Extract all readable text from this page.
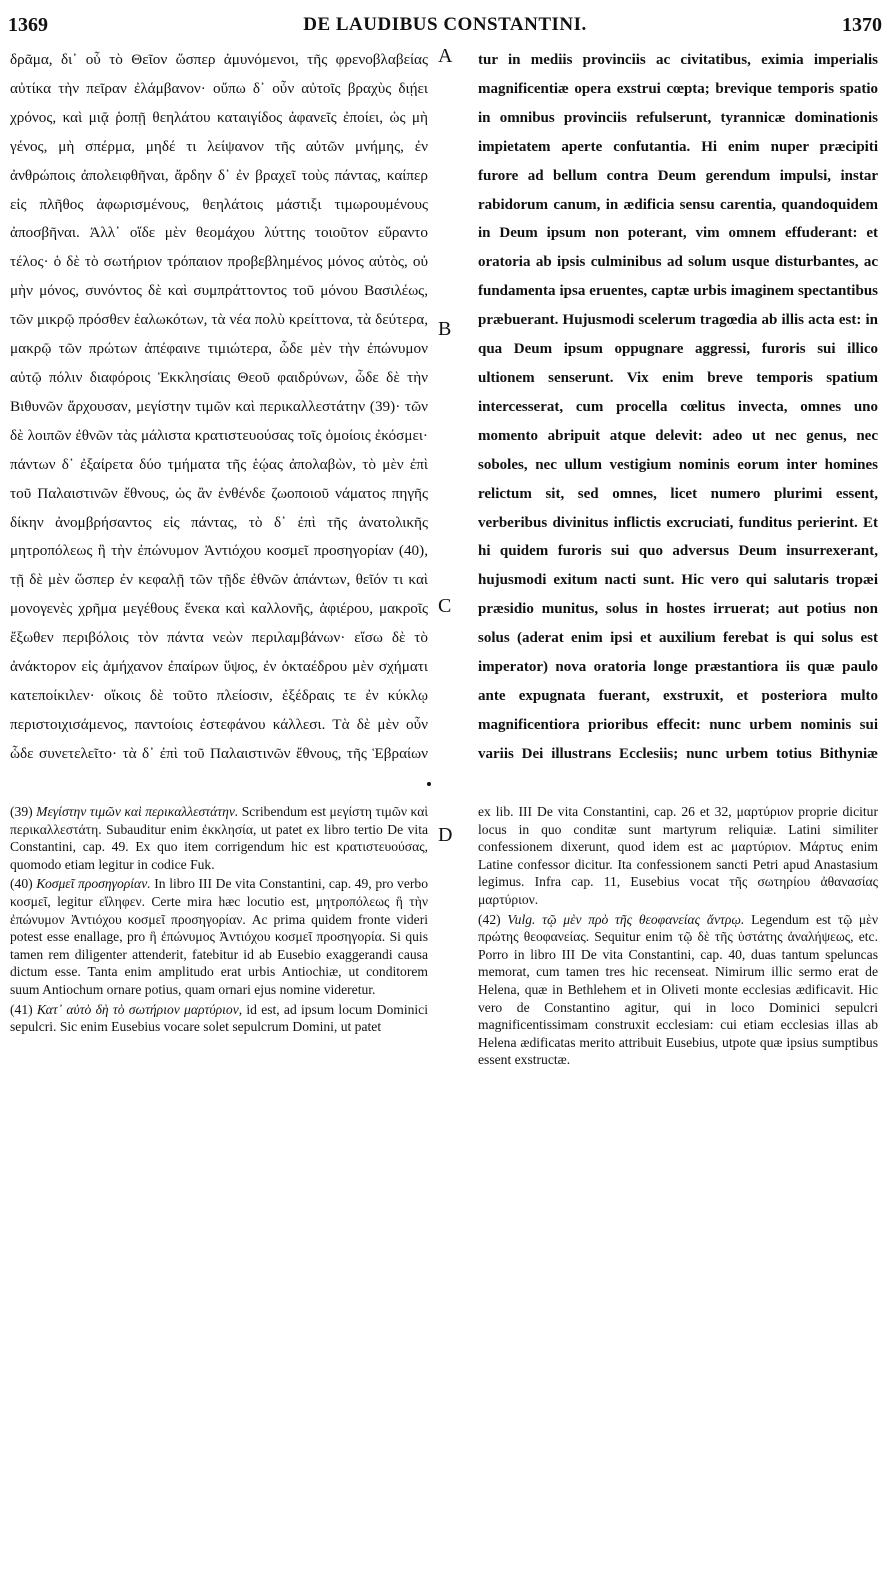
1369	DE LAUDIBUS CONSTANTINI.	1370

δρᾶμα, δι᾽ οὗ τὸ Θεῖον ὥσπερ ἀμυνόμενοι, τῆς φρενοβλαβείας αὐτίκα τὴν πεῖραν ἐλάμβανον· οὔπω δ᾽ οὖν αὐτοῖς βραχὺς διῄει χρόνος, καὶ μιᾷ ῥοπῇ θεηλάτου καταιγίδος ἀφανεῖς ἐποίει, ὡς μὴ γένος, μὴ σπέρμα, μηδέ τι λείψανον τῆς αὐτῶν μνήμης, ἐν ἀνθρώποις ἀπολειφθῆναι, ἄρδην δ᾽ ἐν βραχεῖ τοὺς πάντας, καίπερ εἰς πλῆθος ἀφωρισμένους, θεηλάτοις μάστιξι τιμωρουμένους ἀποσβῆναι. Ἀλλ᾽ οἵδε μὲν θεομάχου λύττης τοιοῦτον εὕραντο τέλος· ὁ δὲ τὸ σωτήριον τρόπαιον προβεβλημένος μόνος αὐτὸς, οὐ μὴν μόνος, συνόντος δὲ καὶ συμπράττοντος τοῦ μόνου Βασιλέως, τῶν μικρῷ πρόσθεν ἑαλωκότων, τὰ νέα πολὺ κρείττονα, τὰ δεύτερα, μακρῷ τῶν πρώτων ἀπέφαινε τιμιώτερα, ὧδε μὲν τὴν ἐπώνυμον αὐτῷ πόλιν διαφόροις Ἐκκλησίαις Θεοῦ φαιδρύνων, ὧδε δὲ τὴν Βιθυνῶν ἄρχουσαν, μεγίστην τιμῶν καὶ περικαλλεστάτην (39)· τῶν δὲ λοιπῶν ἐθνῶν τὰς μάλιστα κρατιστευούσας τοῖς ὁμοίοις ἐκόσμει· πάντων δ᾽ ἐξαίρετα δύο τμήματα τῆς ἑῴας ἀπολαβὼν, τὸ μὲν ἐπὶ τοῦ Παλαιστινῶν ἔθνους, ὡς ἂν ἐνθένδε ζωοποιοῦ νάματος πηγῆς δίκην ἀνομβρήσαντος εἰς πάντας, τὸ δ᾽ ἐπὶ τῆς ἀνατολικῆς μητροπόλεως ἣ τὴν ἐπώνυμον Ἀντιόχου κοσμεῖ προσηγορίαν (40), τῇ δὲ μὲν ὥσπερ ἐν κεφαλῇ τῶν τῇδε ἐθνῶν ἁπάντων, θεῖόν τι καὶ μονογενὲς χρῆμα μεγέθους ἕνεκα καὶ καλλονῆς, ἀφιέρου, μακροῖς ἔξωθεν περιβόλοις τὸν πάντα νεὼν περιλαμβάνων· εἴσω δὲ τὸ ἀνάκτορον εἰς ἀμήχανον ἐπαίρων ὕψος, ἐν ὀκταέδρου μὲν σχήματι κατεποίκιλεν· οἴκοις δὲ τοῦτο πλείοσιν, ἐξέδραις τε ἐν κύκλῳ περιστοιχισάμενος, παντοίοις ἐστεφάνου κάλλεσι. Τὰ δὲ μὲν οὖν ὧδε συνετελεῖτο· τὰ δ᾽ ἐπὶ τοῦ Παλαιστινῶν ἔθνους, τῆς Ἑβραίων

A
B
C
D

tur in mediis provinciis ac civitatibus, eximia imperialis magnificentiæ opera exstrui cœpta; brevique temporis spatio in omnibus provinciis refulserunt, tyrannicæ dominationis impietatem aperte confutantia. Hi enim nuper præcipiti furore ad bellum contra Deum gerendum impulsi, instar rabidorum canum, in ædificia sensu carentia, quandoquidem in Deum ipsum non poterant, vim omnem effuderant: et oratoria ab ipsis culminibus ad solum usque disturbantes, ac fundamenta ipsa eruentes, captæ urbis imaginem spectantibus præbuerant. Hujusmodi scelerum tragœdia ab illis acta est: in qua Deum ipsum oppugnare aggressi, furoris sui illico ultionem senserunt. Vix enim breve temporis spatium intercesserat, cum procella cœlitus invecta, omnes uno momento abripuit atque delevit: adeo ut nec genus, nec soboles, nec ullum vestigium nominis eorum inter homines relictum sit, sed omnes, licet numero plurimi essent, verberibus divinitus inflictis excruciati, funditus perierint. Et hi quidem furoris sui quo adversus Deum insurrexerant, hujusmodi exitum nacti sunt. Hic vero qui salutaris tropæi præsidio munitus, solus in hostes irruerat; aut potius non solus (aderat enim ipsi et auxilium ferebat is qui solus est imperator) nova oratoria longe præstantiora iis quæ paulo ante expugnata fuerant, exstruxit, et posteriora multo magnificentiora prioribus effecit: nunc urbem nominis sui variis Dei illustrans Ecclesiis; nunc urbem totius Bithyniæ

(39) Μεγίστην τιμῶν καὶ περικαλλεστάτην. Scribendum est μεγίστη τιμῶν καὶ περικαλλεστάτη. Subauditur enim ἐκκλησία, ut patet ex libro tertio De vita Constantini, cap. 49. Ex quo item corrigendum hic est κρατιστευούσας, quomodo etiam legitur in codice Fuk.

(40) Κοσμεῖ προσηγορίαν. In libro III De vita Constantini, cap. 49, pro verbo κοσμεῖ, legitur εἴληφεν. Certe mira hæc locutio est, μητροπόλεως ἣ τὴν ἐπώνυμον Ἀντιόχου κοσμεῖ προσηγορίαν. Ac prima quidem fronte videri potest esse enallage, pro ἣ ἐπώνυμος Ἀντιόχου κοσμεῖ προσηγορία. Si quis tamen rem diligenter attenderit, fatebitur id ab Eusebio exaggerandi causa dictum esse. Tanta enim amplitudo erat urbis Antiochiæ, ut conditorem suum Antiochum ornare potius, quam ornari ejus nomine videretur.

(41) Κατ᾽ αὐτὸ δὴ τὸ σωτήριον μαρτύριον, id est, ad ipsum locum Dominici sepulcri. Sic enim Eusebius vocare solet sepulcrum Domini, ut patet

ex lib. III De vita Constantini, cap. 26 et 32, μαρτύριον proprie dicitur locus in quo conditæ sunt martyrum reliquiæ. Latini similiter confessionem dixerunt, quod idem est ac μαρτύριον. Μάρτυς enim Latine confessor dicitur. Ita confessionem sancti Petri apud Anastasium legimus. Infra cap. 11, Eusebius vocat τῆς σωτηρίου ἀθανασίας μαρτύριον.

(42) Vulg. τῷ μὲν πρὸ τῆς θεοφανείας ἄντρῳ. Legendum est τῷ μὲν πρώτης θεοφανείας. Sequitur enim τῷ δὲ τῆς ὑστάτης ἀναλήψεως, etc. Porro in libro III De vita Constantini, cap. 40, duas tantum speluncas memorat, cum tamen tres hic recenseat. Nimirum illic sermo erat de Helena, quæ in Bethlehem et in Oliveti monte ecclesias ædificavit. Hic vero de Constantino agitur, qui in loco Dominici sepulcri magnificentissimam construxit ecclesiam: cui etiam ecclesias illas ab Helena ædificatas merito attribuit Eusebius, utpote quæ ipsius sumptibus essent exstructæ.
